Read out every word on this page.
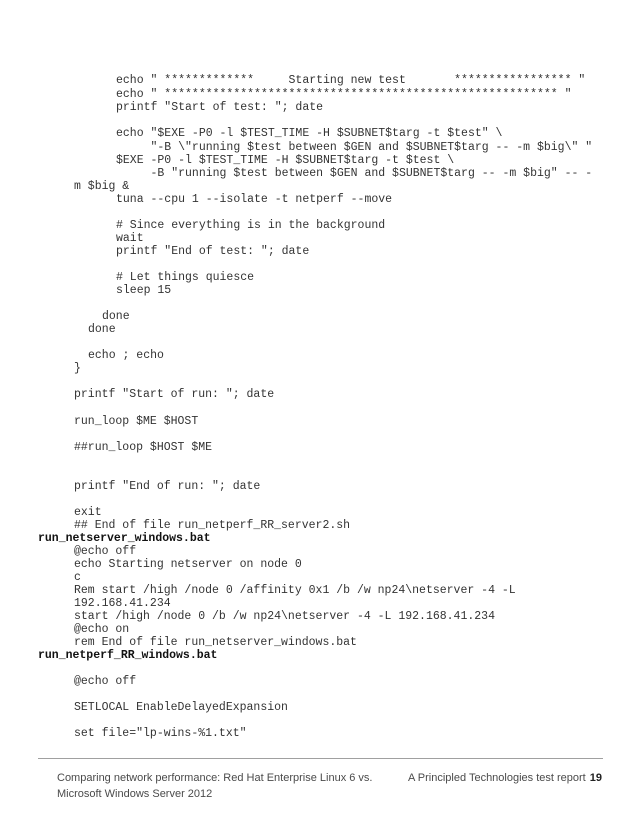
echo " *************     Starting new test       ***************** "
echo " ********************************************************* "
printf "Start of test: "; date
echo "$EXE -P0 -l $TEST_TIME -H $SUBNET$targ -t $test" \
"-B \"running $test between $GEN and $SUBNET$targ -- -m $big\" "
$EXE -P0 -l $TEST_TIME -H $SUBNET$targ -t $test \
-B "running $test between $GEN and $SUBNET$targ -- -m $big" -- -
m $big &
tuna --cpu 1 --isolate -t netperf --move
# Since everything is in the background
wait
printf "End of test: "; date
# Let things quiesce
sleep 15
done
done
echo ; echo
}
printf "Start of run: "; date
run_loop $ME $HOST
##run_loop $HOST $ME
printf "End of run: "; date
exit
## End of file run_netperf_RR_server2.sh
run_netserver_windows.bat
@echo off
echo Starting netserver on node 0
c
Rem start /high /node 0 /affinity 0x1 /b /w np24\netserver -4 -L
192.168.41.234
start /high /node 0 /b /w np24\netserver -4 -L 192.168.41.234
@echo on
rem End of file run_netserver_windows.bat
run_netperf_RR_windows.bat
@echo off
SETLOCAL EnableDelayedExpansion
set file="lp-wins-%1.txt"
Comparing network performance: Red Hat Enterprise Linux 6 vs.
Microsoft Windows Server 2012
A Principled Technologies test report 19
